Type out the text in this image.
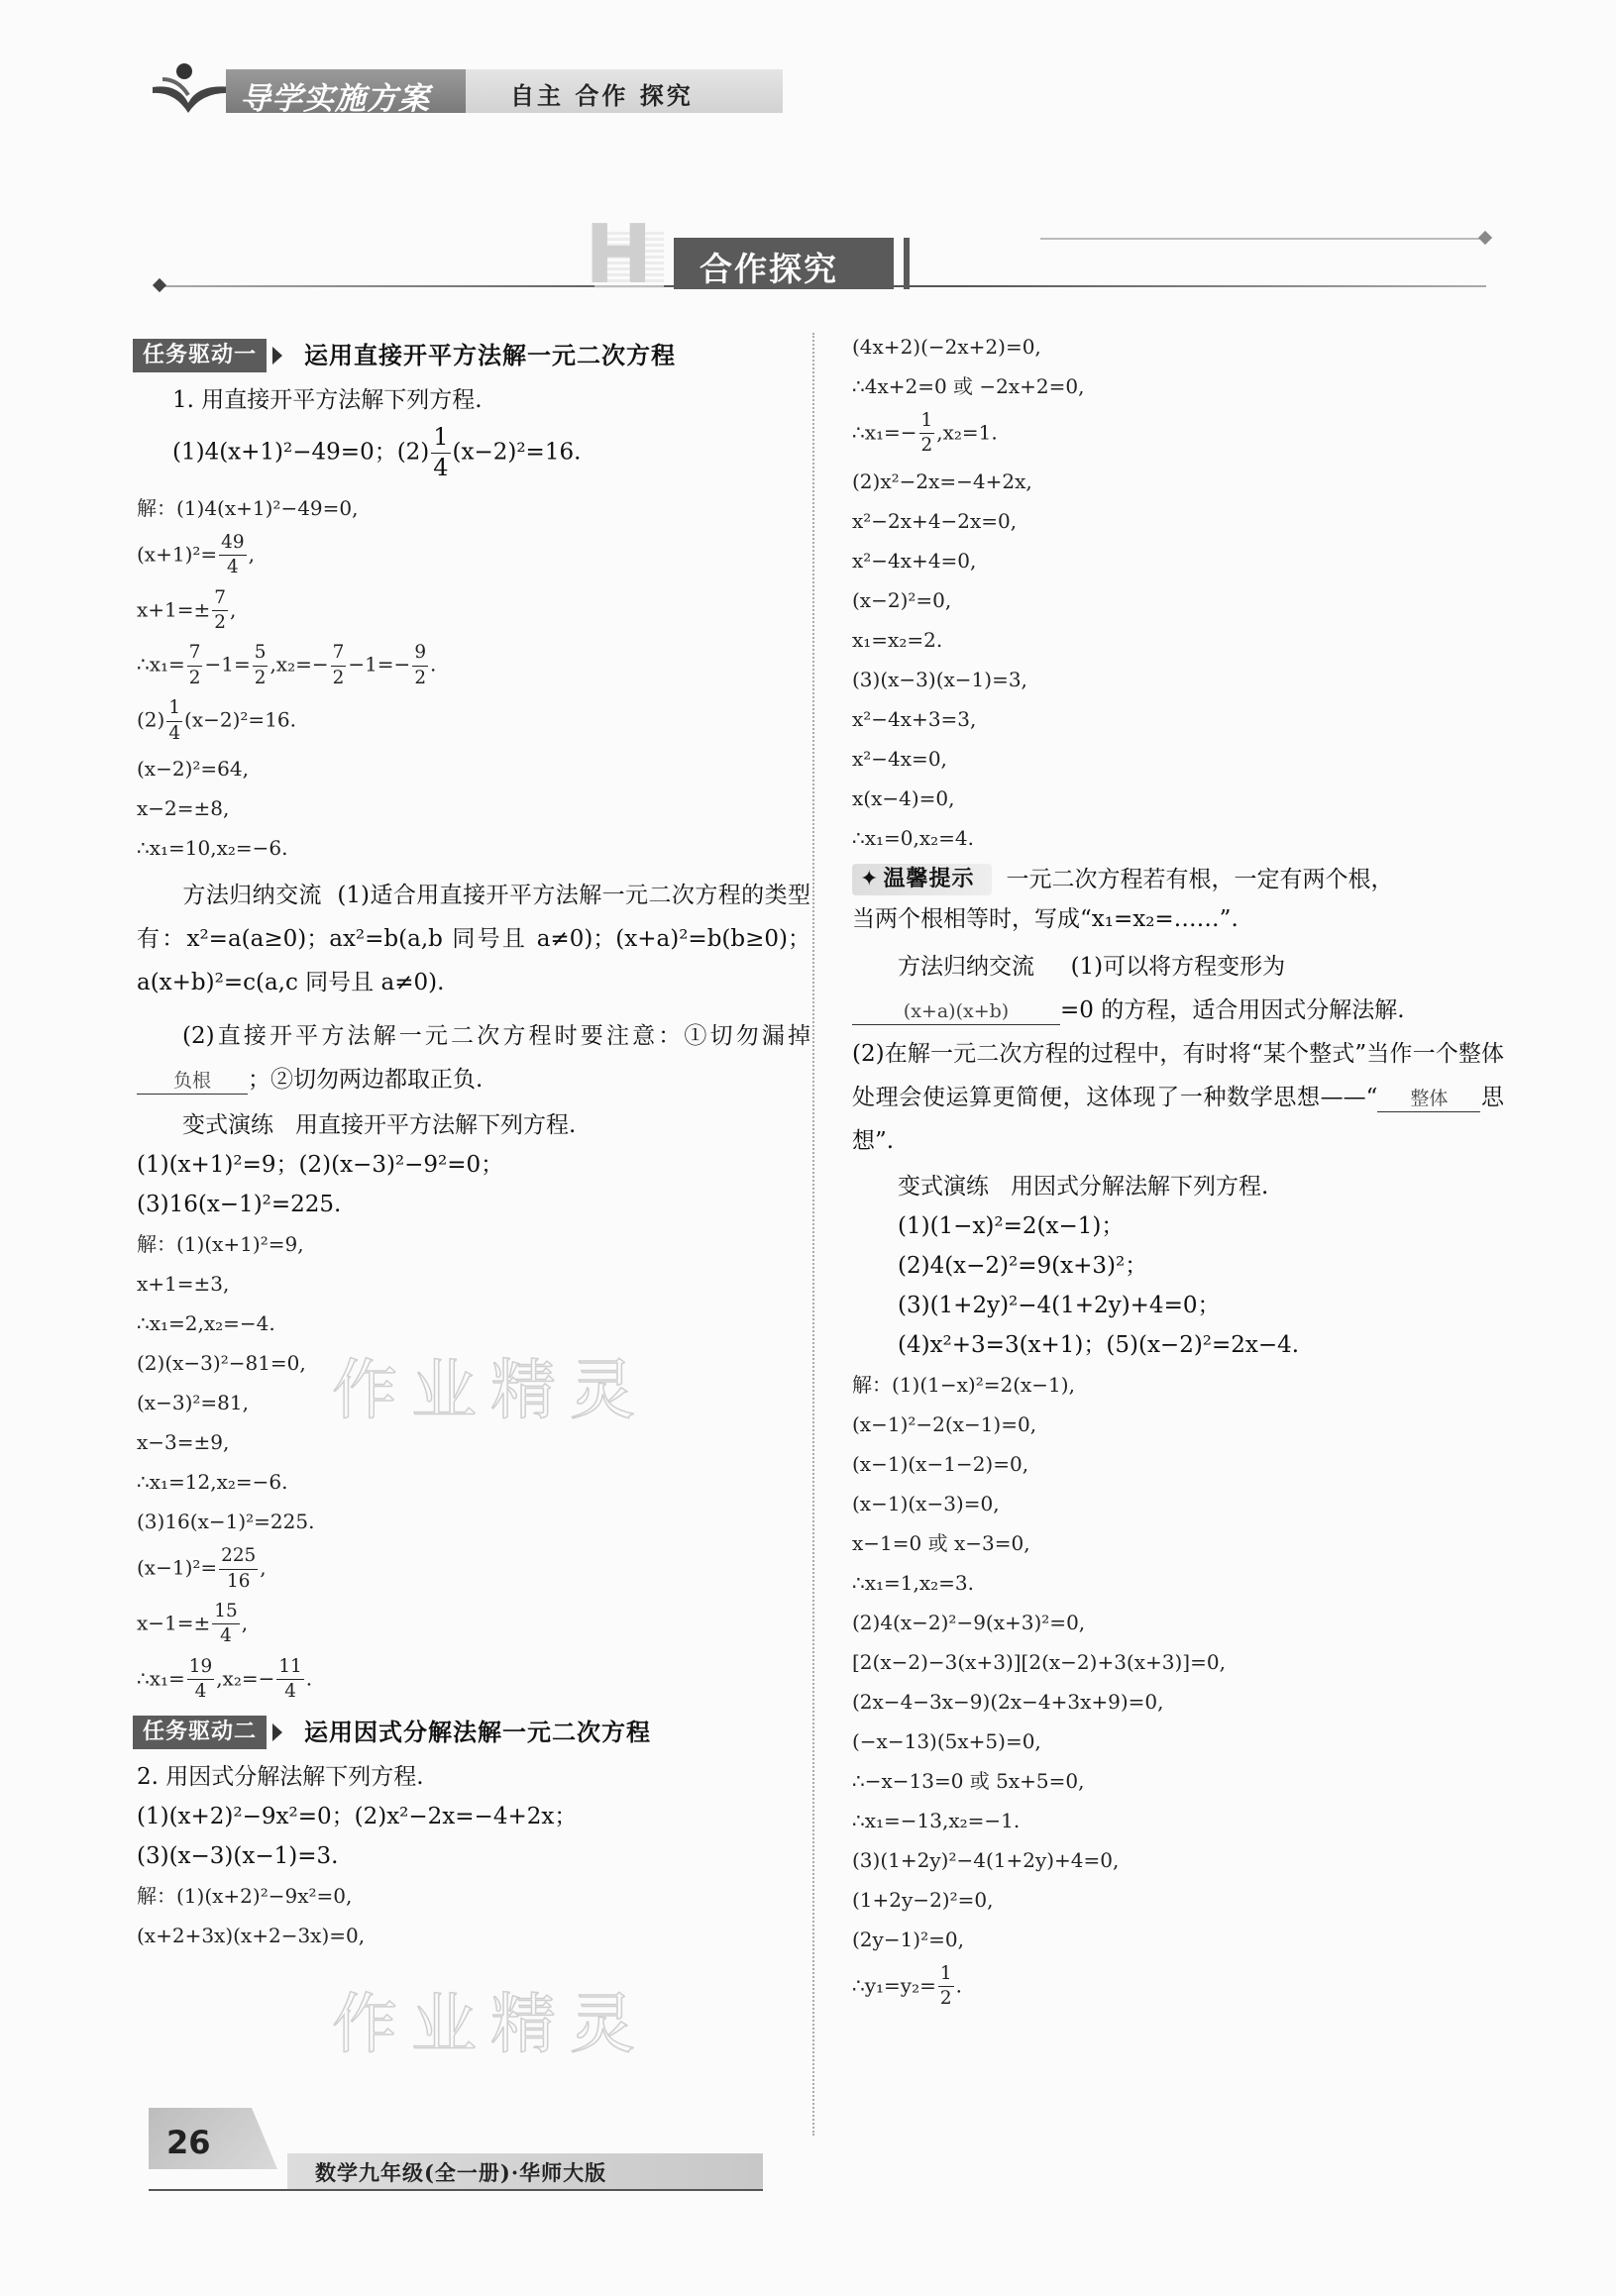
导学实施方案	自主 合作 探究
H 合作探究
作业精灵
作业精灵
任务驱动一	运用直接开平方法解一元二次方程
1. 用直接开平方法解下列方程.
(1)4(x+1)²−49=0；$(2) \frac{1}{4} (x-2)^2=16$.
解：(1)4(x+1)²−49=0,
$(x+1)^2= \frac{49}{4}$ ,
$x+1=\pm \frac{7}{2}$ ,
∴x₁= $\frac{7}{2} -1= \frac{5}{2} ,x_2=- \frac{7}{2} -1=- \frac{9}{2}$ .
$(2) \frac{1}{4} (x-2)^2=16$.
(x−2)²=64,
x−2=±8,
∴x₁=10,x₂=−6.
方法归纳交流 (1)适合用直接开平方法解一元二次方程的类型有：x²=a(a≥0)；ax²=b(a,b 同号且 a≠0)；(x+a)²=b(b≥0)；a(x+b)²=c(a,c 同号且 a≠0).
(2)直接开平方法解一元二次方程时要注意：①切勿漏掉负根 ；②切勿两边都取正负.
变式演练 用直接开平方法解下列方程.
(1)(x+1)²=9；(2)(x−3)²−9²=0；
(3)16(x−1)²=225.
解：(1)(x+1)²=9,
x+1=±3,
∴x₁=2,x₂=−4.
(2)(x−3)²−81=0,
(x−3)²=81,
x−3=±9,
∴x₁=12,x₂=−6.
(3)16(x−1)²=225.
$(x-1)^2= \frac{225}{16}$ ,
$x-1=\pm \frac{15}{4}$ ,
∴x₁= $\frac{19}{4} ,x_2=- \frac{11}{4}$ .
任务驱动二	运用因式分解法解一元二次方程
2. 用因式分解法解下列方程.
(1)(x+2)²−9x²=0；(2)x²−2x=−4+2x；
(3)(x−3)(x−1)=3.
解：(1)(x+2)²−9x²=0,
(x+2+3x)(x+2−3x)=0,
(4x+2)(−2x+2)=0,
∴4x+2=0 或 −2x+2=0,
∴x₁=− $\frac{1}{2} ,x_2=1$.
(2)x²−2x=−4+2x,
x²−2x+4−2x=0,
x²−4x+4=0,
(x−2)²=0,
x₁=x₂=2.
(3)(x−3)(x−1)=3,
x²−4x+3=3,
x²−4x=0,
x(x−4)=0,
∴x₁=0,x₂=4.
✦ 温馨提示	一元二次方程若有根，一定有两个根，
当两个根相等时，写成“x₁=x₂=……”.
方法归纳交流 (1)可以将方程变形为
(x+a)(x+b) =0 的方程，适合用因式分解法解.
(2)在解一元二次方程的过程中，有时将“某个整式”当作一个整体处理会使运算更简便，这体现了一种数学思想——“ 整体 思想”.
变式演练 用因式分解法解下列方程.
(1)(1−x)²=2(x−1)；
(2)4(x−2)²=9(x+3)²；
(3)(1+2y)²−4(1+2y)+4=0；
(4)x²+3=3(x+1)；(5)(x−2)²=2x−4.
解：(1)(1−x)²=2(x−1),
(x−1)²−2(x−1)=0,
(x−1)(x−1−2)=0,
(x−1)(x−3)=0,
x−1=0 或 x−3=0,
∴x₁=1,x₂=3.
(2)4(x−2)²−9(x+3)²=0,
[2(x−2)−3(x+3)][2(x−2)+3(x+3)]=0,
(2x−4−3x−9)(2x−4+3x+9)=0,
(−x−13)(5x+5)=0,
∴−x−13=0 或 5x+5=0,
∴x₁=−13,x₂=−1.
(3)(1+2y)²−4(1+2y)+4=0,
(1+2y−2)²=0,
(2y−1)²=0,
∴y₁=y₂= $\frac{1}{2}$ .
26
数学九年级(全一册)·华师大版
